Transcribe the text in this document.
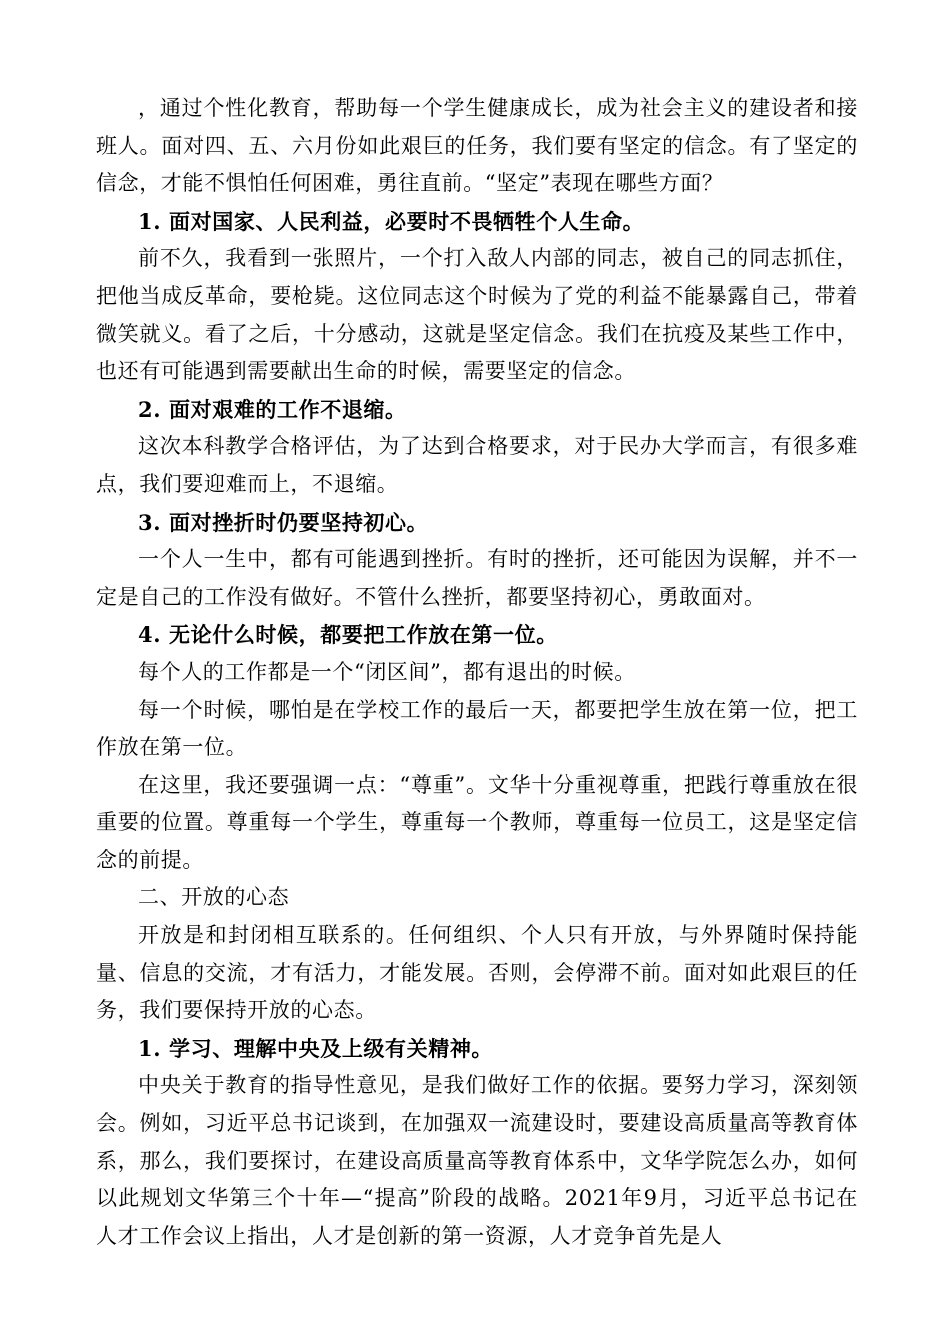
，通过个性化教育，帮助每一个学生健康成长，成为社会主义的建设者和接班人。面对四、五、六月份如此艰巨的任务，我们要有坚定的信念。有了坚定的信念，才能不惧怕任何困难，勇往直前。“坚定”表现在哪些方面？

1. 面对国家、人民利益，必要时不畏牺牲个人生命。

前不久，我看到一张照片，一个打入敌人内部的同志，被自己的同志抓住，把他当成反革命，要枪毙。这位同志这个时候为了党的利益不能暴露自己，带着微笑就义。看了之后，十分感动，这就是坚定信念。我们在抗疫及某些工作中，也还有可能遇到需要献出生命的时候，需要坚定的信念。

2. 面对艰难的工作不退缩。

这次本科教学合格评估，为了达到合格要求，对于民办大学而言，有很多难点，我们要迎难而上，不退缩。

3. 面对挫折时仍要坚持初心。

一个人一生中，都有可能遇到挫折。有时的挫折，还可能因为误解，并不一定是自己的工作没有做好。不管什么挫折，都要坚持初心，勇敢面对。

4. 无论什么时候，都要把工作放在第一位。

每个人的工作都是一个“闭区间”，都有退出的时候。

每一个时候，哪怕是在学校工作的最后一天，都要把学生放在第一位，把工作放在第一位。

在这里，我还要强调一点：“尊重”。文华十分重视尊重，把践行尊重放在很重要的位置。尊重每一个学生，尊重每一个教师，尊重每一位员工，这是坚定信念的前提。

二、开放的心态

开放是和封闭相互联系的。任何组织、个人只有开放，与外界随时保持能量、信息的交流，才有活力，才能发展。否则，会停滞不前。面对如此艰巨的任务，我们要保持开放的心态。

1. 学习、理解中央及上级有关精神。

中央关于教育的指导性意见，是我们做好工作的依据。要努力学习，深刻领会。例如，习近平总书记谈到，在加强双一流建设时，要建设高质量高等教育体系，那么，我们要探讨，在建设高质量高等教育体系中，文华学院怎么办，如何以此规划文华第三个十年—“提高”阶段的战略。2021年9月，习近平总书记在人才工作会议上指出，人才是创新的第一资源，人才竞争首先是人
